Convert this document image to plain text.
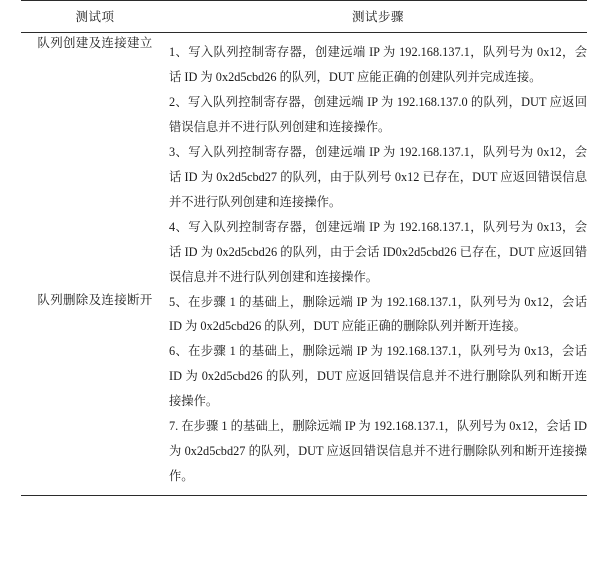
测试项	测试步骤
队列创建及连接建立	1、写入队列控制寄存器，创建远端 IP 为 192.168.137.1，队列号为 0x12，会话 ID 为 0x2d5cbd26 的队列，DUT 应能正确的创建队列并完成连接。

2、写入队列控制寄存器，创建远端 IP 为 192.168.137.0 的队列，DUT 应返回错误信息并不进行队列创建和连接操作。

3、写入队列控制寄存器，创建远端 IP 为 192.168.137.1，队列号为 0x12，会话 ID 为 0x2d5cbd27 的队列，由于队列号 0x12 已存在，DUT 应返回错误信息并不进行队列创建和连接操作。

4、写入队列控制寄存器，创建远端 IP 为 192.168.137.1，队列号为 0x13，会话 ID 为 0x2d5cbd26 的队列，由于会话 ID0x2d5cbd26 已存在，DUT 应返回错误信息并不进行队列创建和连接操作。

队列删除及连接断开	5、在步骤 1 的基础上，删除远端 IP 为 192.168.137.1，队列号为 0x12，会话 ID 为 0x2d5cbd26 的队列，DUT 应能正确的删除队列并断开连接。

6、在步骤 1 的基础上，删除远端 IP 为 192.168.137.1，队列号为 0x13，会话 ID 为 0x2d5cbd26 的队列，DUT 应返回错误信息并不进行删除队列和断开连接操作。

7. 在步骤 1 的基础上，删除远端 IP 为 192.168.137.1，队列号为 0x12，会话 ID 为 0x2d5cbd27 的队列，DUT 应返回错误信息并不进行删除队列和断开连接操作。
